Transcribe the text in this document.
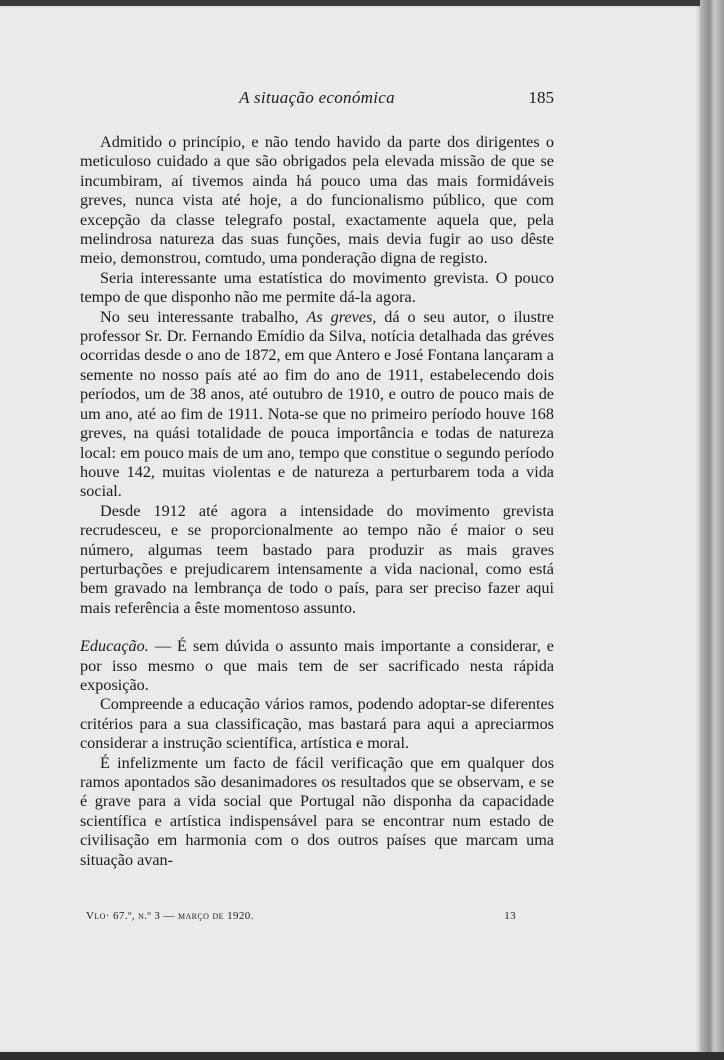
A situação económica	185

Admitido o princípio, e não tendo havido da parte dos dirigentes o meticuloso cuidado a que são obrigados pela elevada missão de que se incumbiram, aí tivemos ainda há pouco uma das mais formidáveis greves, nunca vista até hoje, a do funcionalismo público, que com excepção da classe telegrafo postal, exactamente aquela que, pela melindrosa natureza das suas funções, mais devia fugir ao uso dêste meio, demonstrou, comtudo, uma ponderação digna de registo.

Seria interessante uma estatística do movimento grevista. O pouco tempo de que disponho não me permite dá-la agora.

No seu interessante trabalho, As greves, dá o seu autor, o ilustre professor Sr. Dr. Fernando Emídio da Silva, notícia detalhada das gréves ocorridas desde o ano de 1872, em que Antero e José Fontana lançaram a semente no nosso país até ao fim do ano de 1911, estabelecendo dois períodos, um de 38 anos, até outubro de 1910, e outro de pouco mais de um ano, até ao fim de 1911. Nota-se que no primeiro período houve 168 greves, na quási totalidade de pouca importância e todas de natureza local: em pouco mais de um ano, tempo que constitue o segundo período houve 142, muitas violentas e de natureza a perturbarem toda a vida social.

Desde 1912 até agora a intensidade do movimento grevista recrudesceu, e se proporcionalmente ao tempo não é maior o seu número, algumas teem bastado para produzir as mais graves perturbações e prejudicarem intensamente a vida nacional, como está bem gravado na lembrança de todo o país, para ser preciso fazer aqui mais referência a êste momentoso assunto.

Educação. — É sem dúvida o assunto mais importante a considerar, e por isso mesmo o que mais tem de ser sacrificado nesta rápida exposição.

Compreende a educação vários ramos, podendo adoptar-se diferentes critérios para a sua classificação, mas bastará para aqui a apreciarmos considerar a instrução scientífica, artística e moral.

É infelizmente um facto de fácil verificação que em qualquer dos ramos apontados são desanimadores os resultados que se observam, e se é grave para a vida social que Portugal não disponha da capacidade scientífica e artística indispensável para se encontrar num estado de civilisação em harmonia com o dos outros países que marcam uma situação avan-

Vlo· 67.º, n.º 3 — março de 1920.	13
